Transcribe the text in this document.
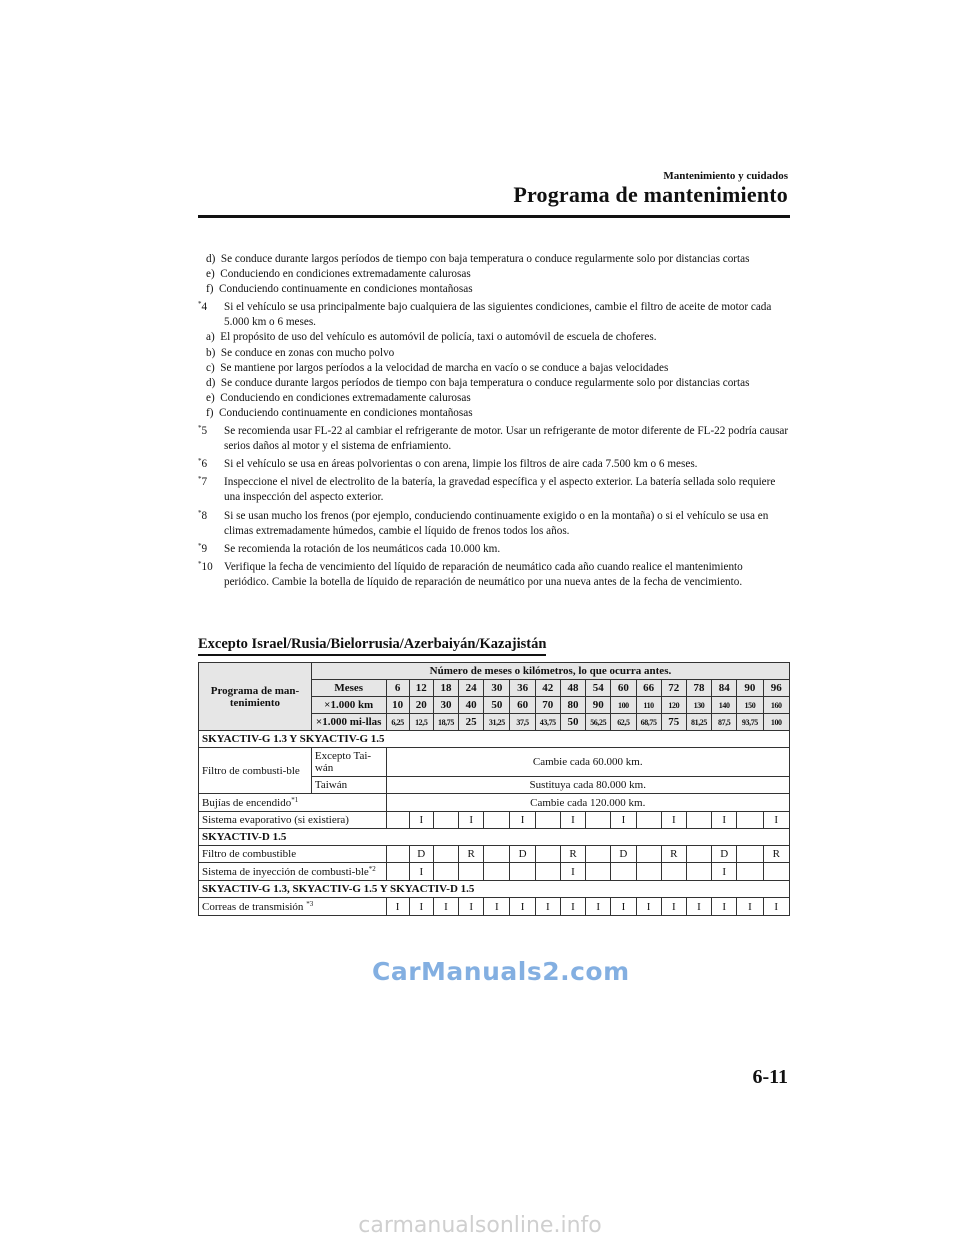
Mantenimiento y cuidados
Programa de mantenimiento
d) Se conduce durante largos períodos de tiempo con baja temperatura o conduce regularmente solo por distancias cortas
e) Conduciendo en condiciones extremadamente calurosas
f) Conduciendo continuamente en condiciones montañosas
*4 Si el vehículo se usa principalmente bajo cualquiera de las siguientes condiciones, cambie el filtro de aceite de motor cada 5.000 km o 6 meses.
a) El propósito de uso del vehículo es automóvil de policía, taxi o automóvil de escuela de choferes.
b) Se conduce en zonas con mucho polvo
c) Se mantiene por largos períodos a la velocidad de marcha en vacío o se conduce a bajas velocidades
d) Se conduce durante largos períodos de tiempo con baja temperatura o conduce regularmente solo por distancias cortas
e) Conduciendo en condiciones extremadamente calurosas
f) Conduciendo continuamente en condiciones montañosas
*5 Se recomienda usar FL-22 al cambiar el refrigerante de motor. Usar un refrigerante de motor diferente de FL-22 podría causar serios daños al motor y el sistema de enfriamiento.
*6 Si el vehículo se usa en áreas polvorientas o con arena, limpie los filtros de aire cada 7.500 km o 6 meses.
*7 Inspeccione el nivel de electrolito de la batería, la gravedad específica y el aspecto exterior. La batería sellada solo requiere una inspección del aspecto exterior.
*8 Si se usan mucho los frenos (por ejemplo, conduciendo continuamente exigido o en la montaña) o si el vehículo se usa en climas extremadamente húmedos, cambie el líquido de frenos todos los años.
*9 Se recomienda la rotación de los neumáticos cada 10.000 km.
*10 Verifique la fecha de vencimiento del líquido de reparación de neumático cada año cuando realice el mantenimiento periódico. Cambie la botella de líquido de reparación de neumático por una nueva antes de la fecha de vencimiento.
Excepto Israel/Rusia/Bielorrusia/Azerbaiyán/Kazajistán
Programa de man-tenimiento	Número de meses o kilómetros, lo que ocurra antes.																
	Meses	6	12	18	24	30	36	42	48	54	60	66	72	78	84	90	96
	×1.000 km	10	20	30	40	50	60	70	80	90	100	110	120	130	140	150	160
	×1.000 mi-llas	6,25	12,5	18,75	25	31,25	37,5	43,75	50	56,25	62,5	68,75	75	81,25	87,5	93,75	100
SKYACTIV-G 1.3 Y SKYACTIV-G 1.5																	
Filtro de combusti-ble	Excepto Tai-wán	Cambie cada 60.000 km.															
	Taiwán	Sustituya cada 80.000 km.															
Bujías de encendido$^{*1}$		Cambie cada 120.000 km.															
Sistema evaporativo (si existiera)			I		I		I		I		I		I		I		I
SKYACTIV-D 1.5																	
Filtro de combustible			D		R		D		R		D		R		D		R
Sistema de inyección de combusti-ble$^{*2}$			I						I						I		
SKYACTIV-G 1.3, SKYACTIV-G 1.5 Y SKYACTIV-D 1.5																	
Correas de transmisión $^{*3}$		I	I	I	I	I	I	I	I	I	I	I	I	I	I	I	I
CarManuals2.com
6-11
carmanualsonline.info
